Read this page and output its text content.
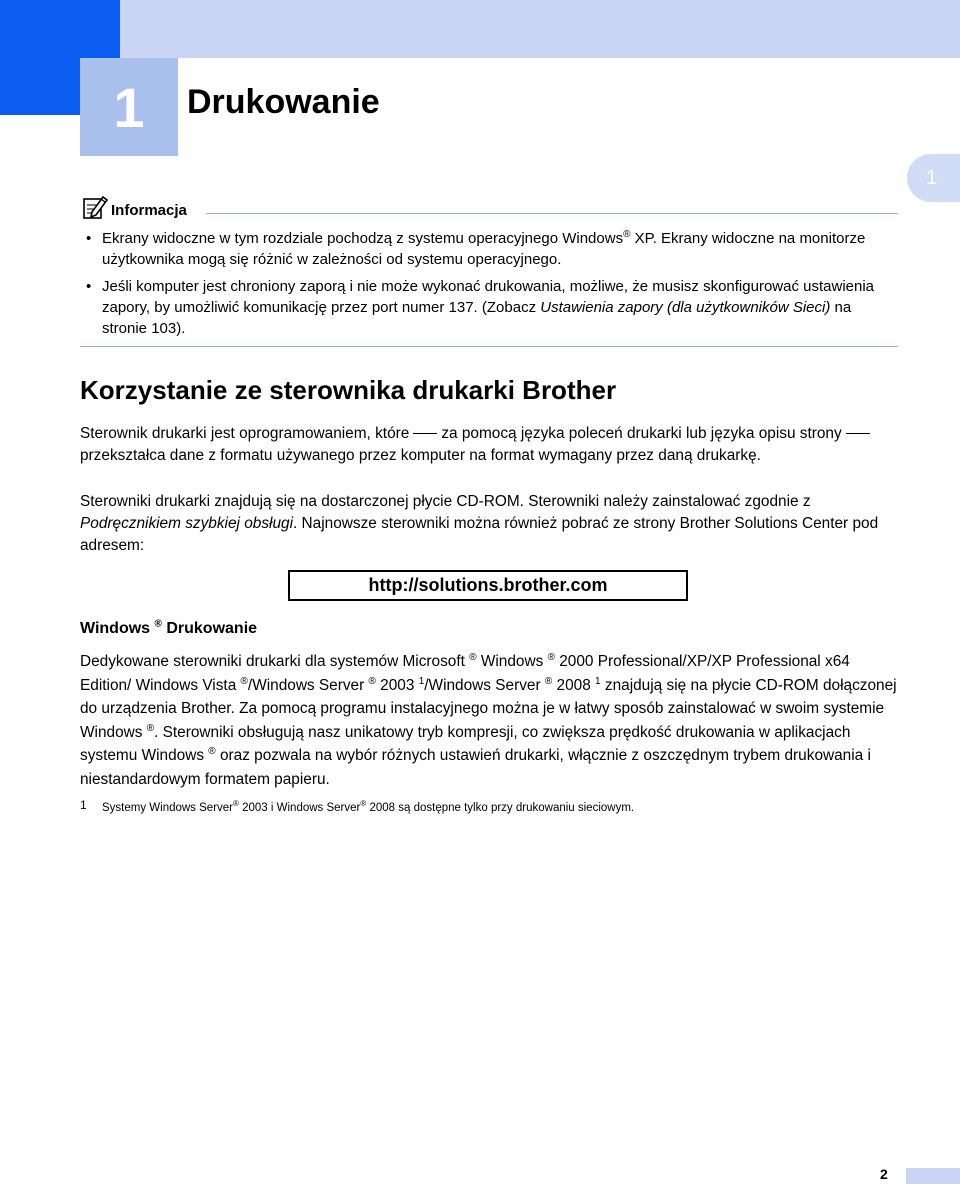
1	Drukowanie
1
Informacja
• Ekrany widoczne w tym rozdziale pochodzą z systemu operacyjnego Windows® XP. Ekrany widoczne na monitorze użytkownika mogą się różnić w zależności od systemu operacyjnego.
• Jeśli komputer jest chroniony zaporą i nie może wykonać drukowania, możliwe, że musisz skonfigurować ustawienia zapory, by umożliwić komunikację przez port numer 137. (Zobacz Ustawienia zapory (dla użytkowników Sieci) na stronie 103).
Korzystanie ze sterownika drukarki Brother

Sterownik drukarki jest oprogramowaniem, które za pomocą języka poleceń drukarki lub języka opisu stronyprzekształca dane z formatu używanego przez komputer na format wymagany przez daną drukarkę.

Sterowniki drukarki znajdują się na dostarczonej płycie CD-ROM. Sterowniki należy zainstalować zgodnie z Podręcznikiem szybkiej obsługi. Najnowsze sterowniki można również pobrać ze strony Brother Solutions Center pod adresem:

http://solutions.brother.com
Windows ® Drukowanie

Dedykowane sterowniki drukarki dla systemów Microsoft ® Windows ® 2000 Professional/XP/XP Professional x64 Edition/ Windows Vista ®/Windows Server ® 2003 $^1$/Windows Server ® 2008 $^1$ znajdują się na płycie CD-ROM dołączonej do urządzenia Brother. Za pomocą programu instalacyjnego można je w łatwy sposób zainstalować w swoim systemie Windows ®. Sterowniki obsługują nasz unikatowy tryb kompresji, co zwiększa prędkość drukowania w aplikacjach systemu Windows ® oraz pozwala na wybór różnych ustawień drukarki, włącznie z oszczędnym trybem drukowania i niestandardowym formatem papieru.

1 Systemy Windows Server® 2003 i Windows Server® 2008 są dostępne tylko przy drukowaniu sieciowym.
2
